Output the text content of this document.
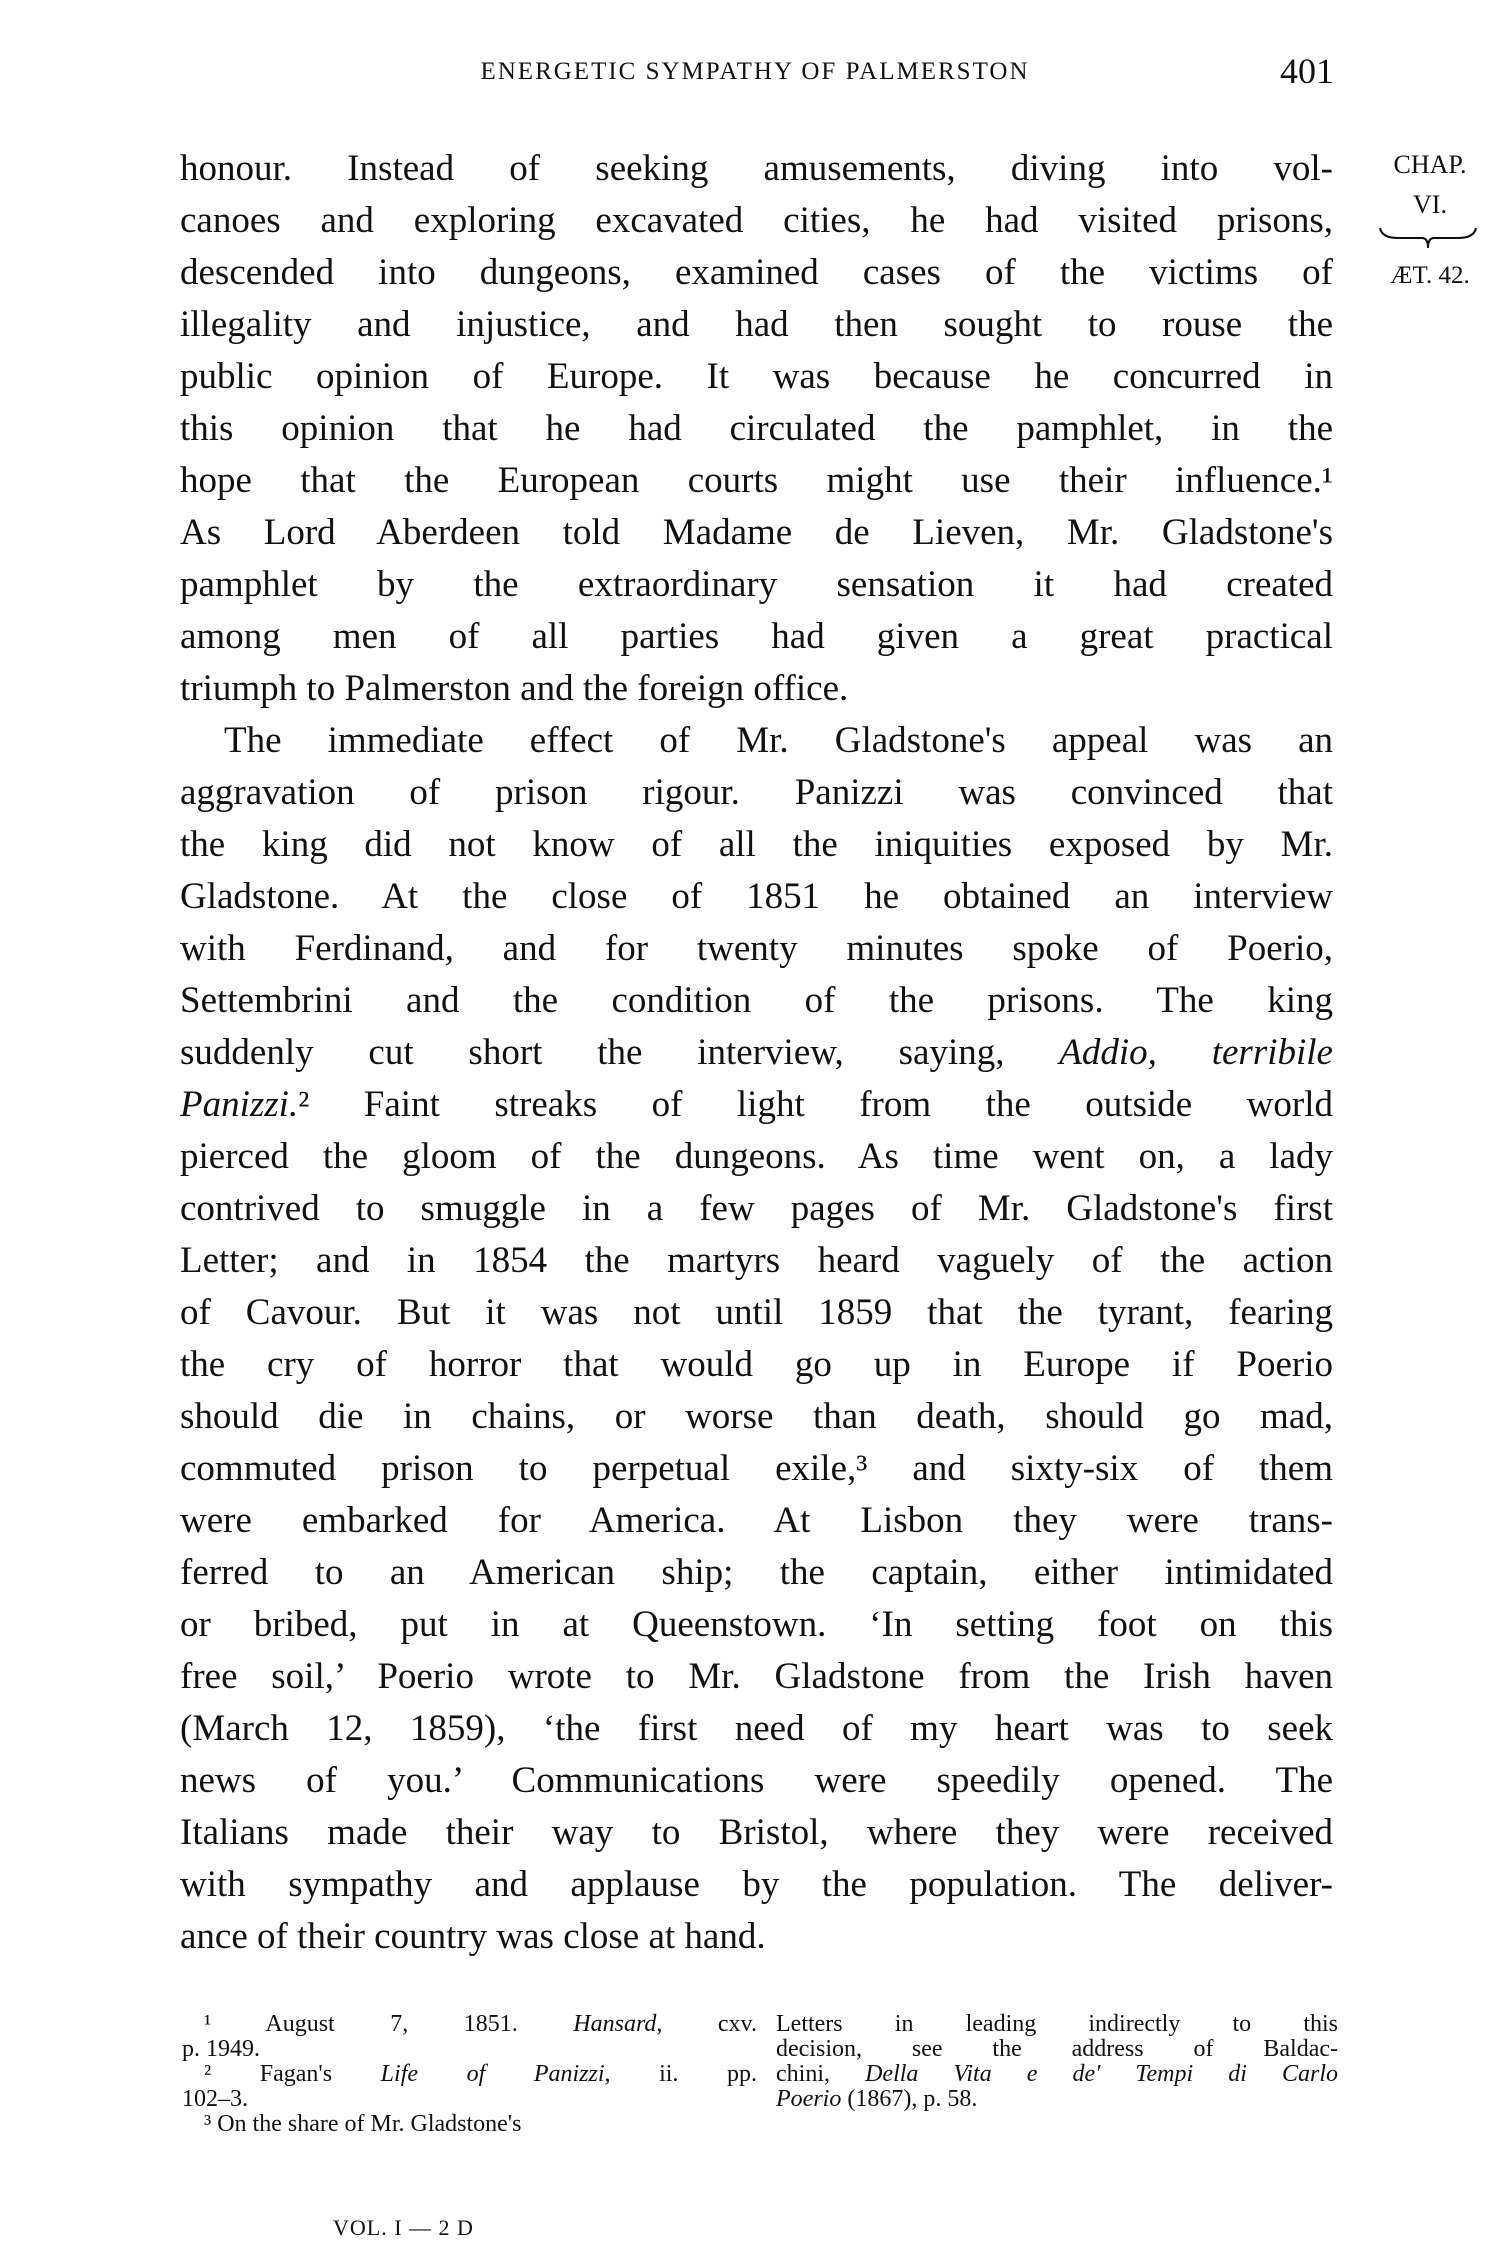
ENERGETIC SYMPATHY OF PALMERSTON	401
CHAP.
VI.
ÆT. 42.
honour. Instead of seeking amusements, diving into vol-
canoes and exploring excavated cities, he had visited prisons,
descended into dungeons, examined cases of the victims of
illegality and injustice, and had then sought to rouse the
public opinion of Europe. It was because he concurred in
this opinion that he had circulated the pamphlet, in the
hope that the European courts might use their influence.¹
As Lord Aberdeen told Madame de Lieven, Mr. Gladstone's
pamphlet by the extraordinary sensation it had created
among men of all parties had given a great practical
triumph to Palmerston and the foreign office.
The immediate effect of Mr. Gladstone's appeal was an
aggravation of prison rigour. Panizzi was convinced that
the king did not know of all the iniquities exposed by Mr.
Gladstone. At the close of 1851 he obtained an interview
with Ferdinand, and for twenty minutes spoke of Poerio,
Settembrini and the condition of the prisons. The king
suddenly cut short the interview, saying, Addio, terribile
Panizzi.² Faint streaks of light from the outside world
pierced the gloom of the dungeons. As time went on, a lady
contrived to smuggle in a few pages of Mr. Gladstone's first
Letter; and in 1854 the martyrs heard vaguely of the action
of Cavour. But it was not until 1859 that the tyrant, fearing
the cry of horror that would go up in Europe if Poerio
should die in chains, or worse than death, should go mad,
commuted prison to perpetual exile,³ and sixty-six of them
were embarked for America. At Lisbon they were trans-
ferred to an American ship; the captain, either intimidated
or bribed, put in at Queenstown. ‘In setting foot on this
free soil,’ Poerio wrote to Mr. Gladstone from the Irish haven
(March 12, 1859), ‘the first need of my heart was to seek
news of you.’ Communications were speedily opened. The
Italians made their way to Bristol, where they were received
with sympathy and applause by the population. The deliver-
ance of their country was close at hand.
¹ August 7, 1851. Hansard, cxv.
p. 1949.
² Fagan's Life of Panizzi, ii. pp.
102–3.
³ On the share of Mr. Gladstone's
Letters in leading indirectly to this
decision, see the address of Baldac-
chini, Della Vita e de' Tempi di Carlo
Poerio (1867), p. 58.
VOL. I — 2 D
